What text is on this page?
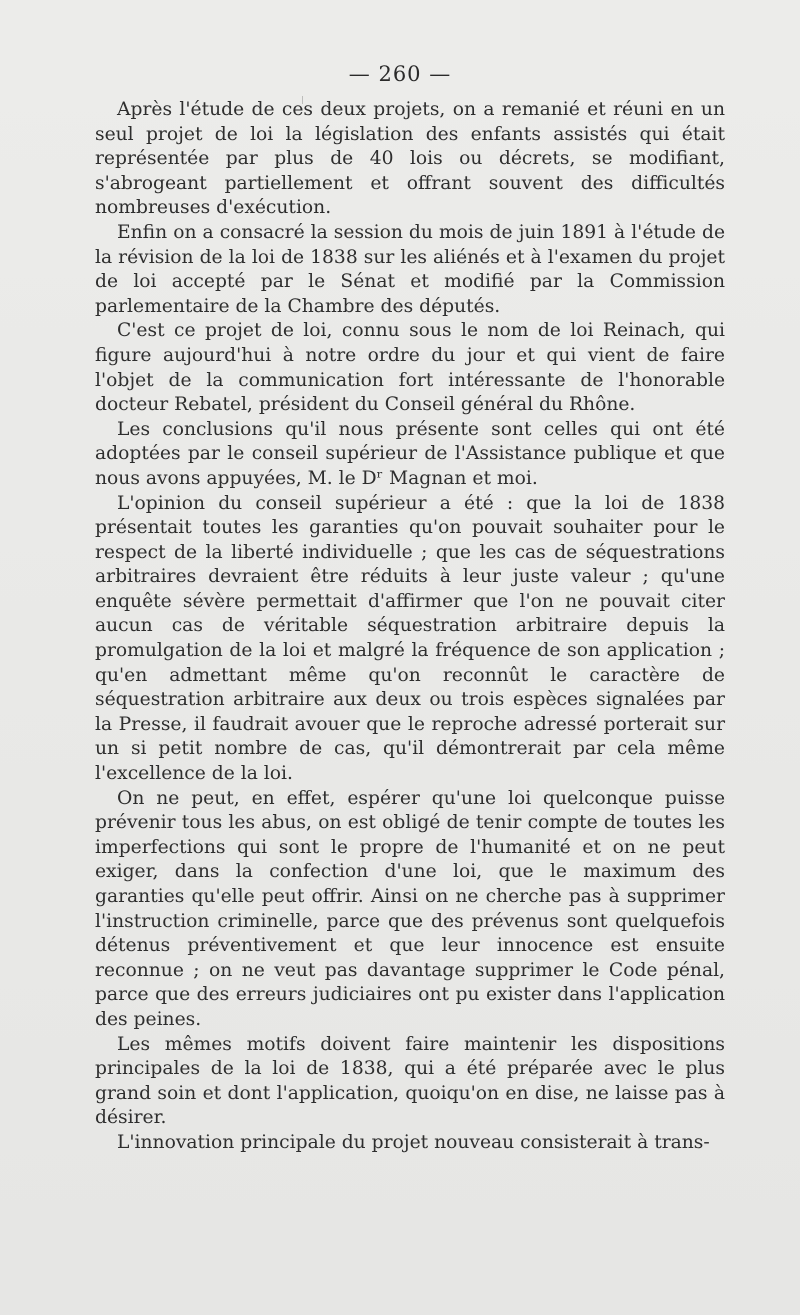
— 260 —

Après l'étude de ces deux projets, on a remanié et réuni en un seul projet de loi la législation des enfants assistés qui était représentée par plus de 40 lois ou décrets, se modifiant, s'abrogeant partiellement et offrant souvent des difficultés nombreuses d'exécution.

Enfin on a consacré la session du mois de juin 1891 à l'étude de la révision de la loi de 1838 sur les aliénés et à l'examen du projet de loi accepté par le Sénat et modifié par la Commission parlementaire de la Chambre des députés.

C'est ce projet de loi, connu sous le nom de loi Reinach, qui figure aujourd'hui à notre ordre du jour et qui vient de faire l'objet de la communication fort intéressante de l'honorable docteur Rebatel, président du Conseil général du Rhône.

Les conclusions qu'il nous présente sont celles qui ont été adoptées par le conseil supérieur de l'Assistance publique et que nous avons appuyées, M. le Dʳ Magnan et moi.

L'opinion du conseil supérieur a été : que la loi de 1838 présentait toutes les garanties qu'on pouvait souhaiter pour le respect de la liberté individuelle ; que les cas de séquestrations arbitraires devraient être réduits à leur juste valeur ; qu'une enquête sévère permettait d'affirmer que l'on ne pouvait citer aucun cas de véritable séquestration arbitraire depuis la promulgation de la loi et malgré la fréquence de son application ; qu'en admettant même qu'on reconnût le caractère de séquestration arbitraire aux deux ou trois espèces signalées par la Presse, il faudrait avouer que le reproche adressé porterait sur un si petit nombre de cas, qu'il démontrerait par cela même l'excellence de la loi.

On ne peut, en effet, espérer qu'une loi quelconque puisse prévenir tous les abus, on est obligé de tenir compte de toutes les imperfections qui sont le propre de l'humanité et on ne peut exiger, dans la confection d'une loi, que le maximum des garanties qu'elle peut offrir. Ainsi on ne cherche pas à supprimer l'instruction criminelle, parce que des prévenus sont quelquefois détenus préventivement et que leur innocence est ensuite reconnue ; on ne veut pas davantage supprimer le Code pénal, parce que des erreurs judiciaires ont pu exister dans l'application des peines.

Les mêmes motifs doivent faire maintenir les dispositions principales de la loi de 1838, qui a été préparée avec le plus grand soin et dont l'application, quoiqu'on en dise, ne laisse pas à désirer.

L'innovation principale du projet nouveau consisterait à trans-
